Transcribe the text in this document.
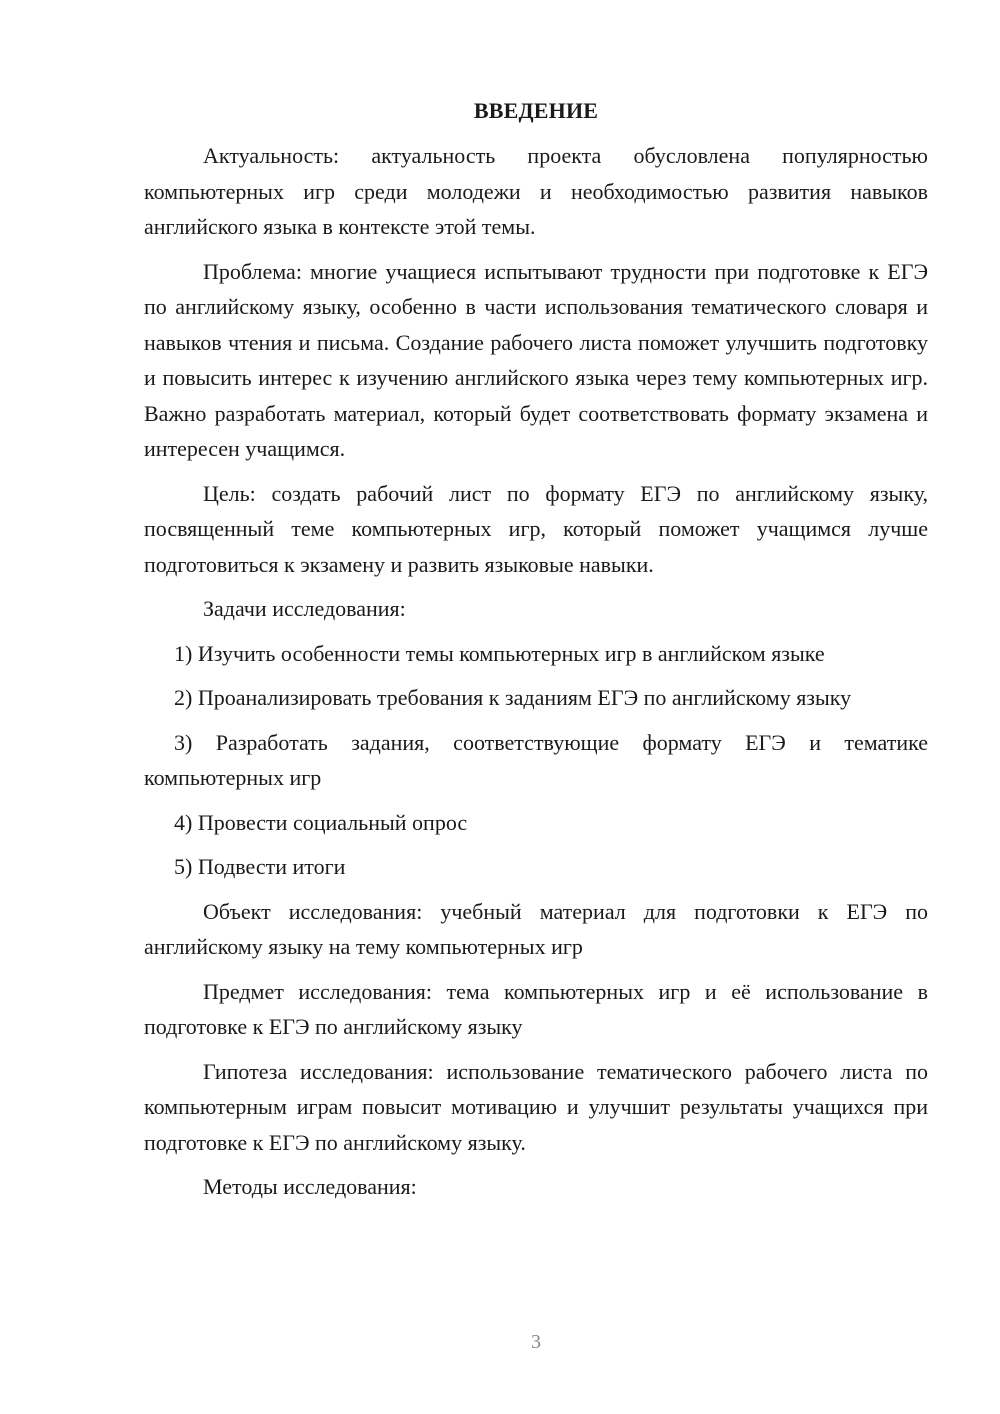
ВВЕДЕНИЕ

Актуальность: актуальность проекта обусловлена популярностью компьютерных игр среди молодежи и необходимостью развития навыков английского языка в контексте этой темы.

Проблема: многие учащиеся испытывают трудности при подготовке к ЕГЭ по английскому языку, особенно в части использования тематического словаря и навыков чтения и письма. Создание рабочего листа поможет улучшить подготовку и повысить интерес к изучению английского языка через тему компьютерных игр. Важно разработать материал, который будет соответствовать формату экзамена и интересен учащимся.

Цель: создать рабочий лист по формату ЕГЭ по английскому языку, посвященный теме компьютерных игр, который поможет учащимся лучше подготовиться к экзамену и развить языковые навыки.

Задачи исследования:

1) Изучить особенности темы компьютерных игр в английском языке

2) Проанализировать требования к заданиям ЕГЭ по английскому языку

3) Разработать задания, соответствующие формату ЕГЭ и тематике компьютерных игр

4) Провести социальный опрос

5) Подвести итоги

Объект исследования: учебный материал для подготовки к ЕГЭ по английскому языку на тему компьютерных игр

Предмет исследования: тема компьютерных игр и её использование в подготовке к ЕГЭ по английскому языку

Гипотеза исследования: использование тематического рабочего листа по компьютерным играм повысит мотивацию и улучшит результаты учащихся при подготовке к ЕГЭ по английскому языку.

Методы исследования:

3
